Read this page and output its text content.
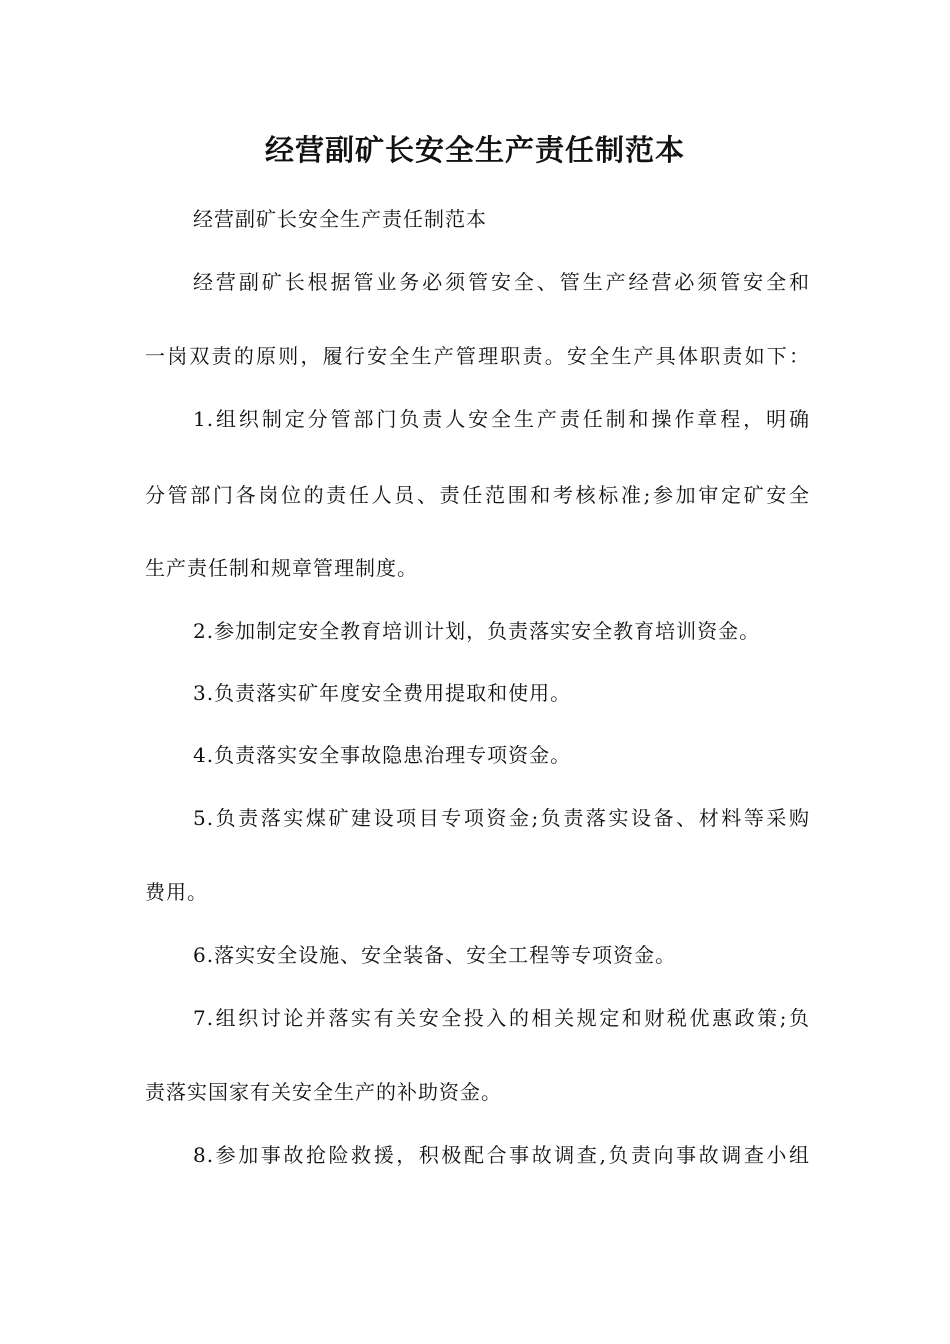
经营副矿长安全生产责任制范本
经营副矿长安全生产责任制范本
经营副矿长根据管业务必须管安全、管生产经营必须管安全和
一岗双责的原则，履行安全生产管理职责。安全生产具体职责如下：
1.组织制定分管部门负责人安全生产责任制和操作章程，明确
分管部门各岗位的责任人员、责任范围和考核标准;参加审定矿安全
生产责任制和规章管理制度。
2.参加制定安全教育培训计划，负责落实安全教育培训资金。
3.负责落实矿年度安全费用提取和使用。
4.负责落实安全事故隐患治理专项资金。
5.负责落实煤矿建设项目专项资金;负责落实设备、材料等采购
费用。
6.落实安全设施、安全装备、安全工程等专项资金。
7.组织讨论并落实有关安全投入的相关规定和财税优惠政策;负
责落实国家有关安全生产的补助资金。
8.参加事故抢险救援，积极配合事故调查,负责向事故调查小组
